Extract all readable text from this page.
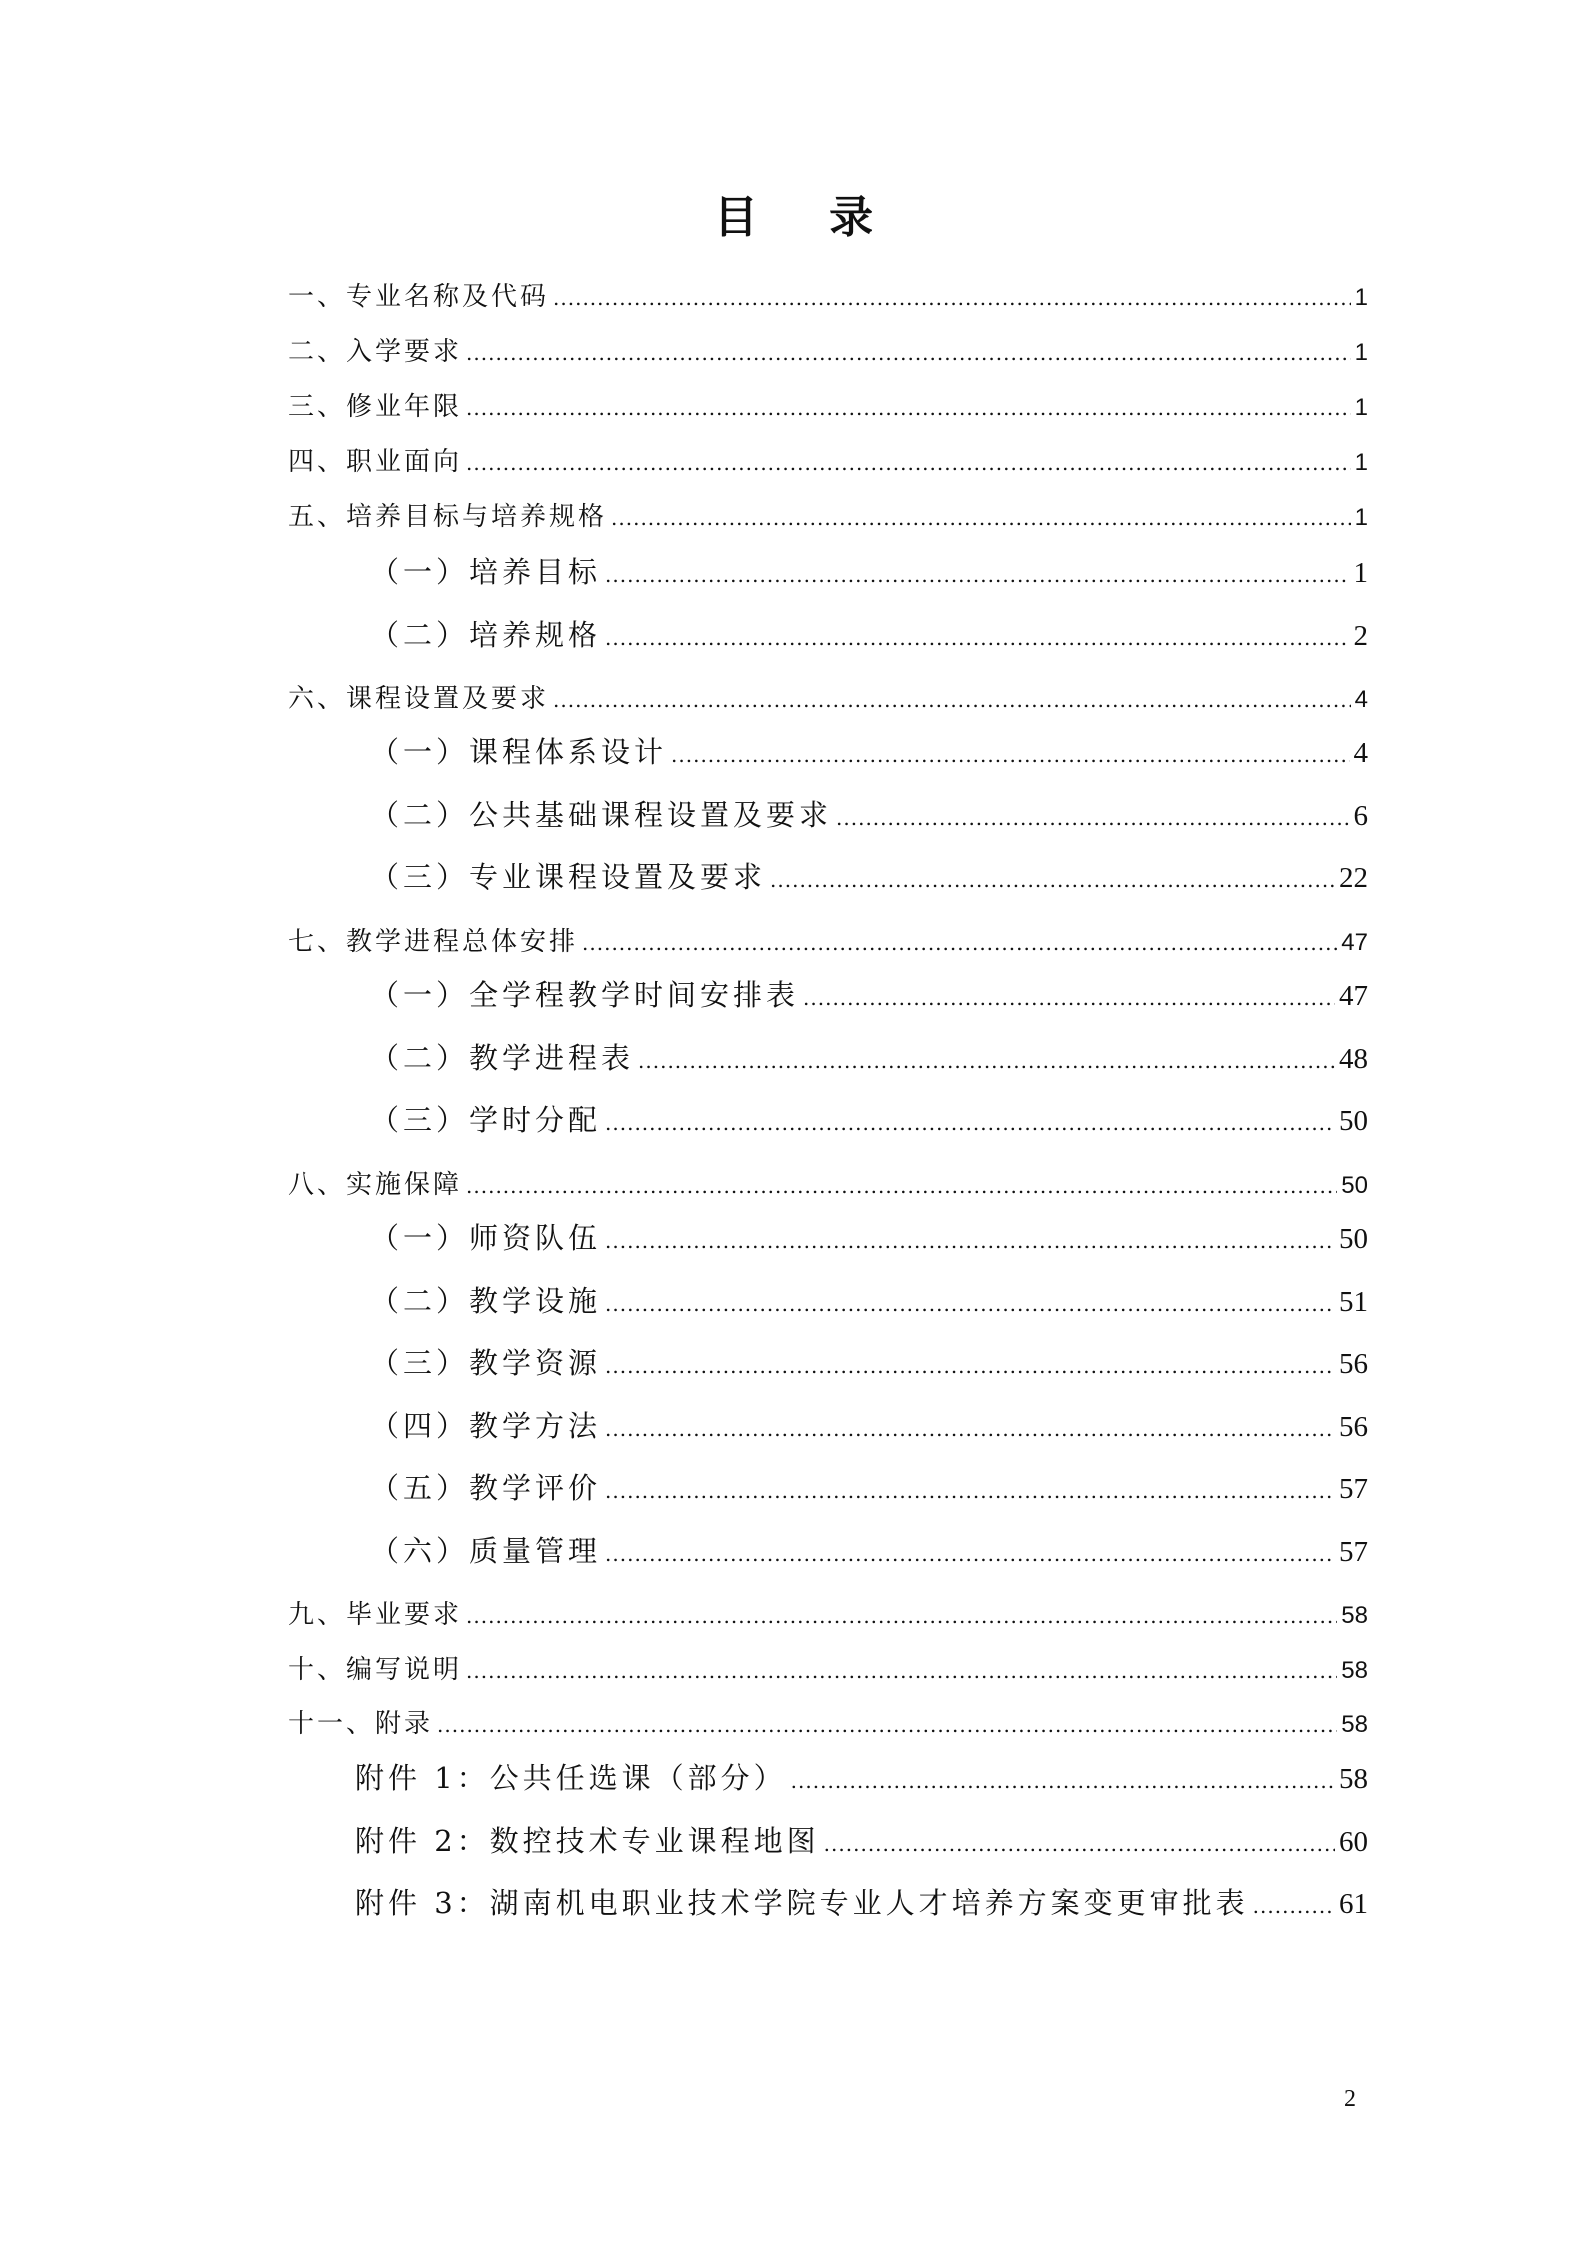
目 录
一、专业名称及代码 .....	1
二、入学要求 .....	1
三、修业年限 .....	1
四、职业面向 .....	1
五、培养目标与培养规格 .....	1
（一）培养目标 .....	1
（二）培养规格 .....	2
六、课程设置及要求 .....	4
（一）课程体系设计 .....	4
（二）公共基础课程设置及要求 .....	6
（三）专业课程设置及要求 .....	22
七、教学进程总体安排 .....	47
（一）全学程教学时间安排表 .....	47
（二）教学进程表 .....	48
（三）学时分配 .....	50
八、实施保障 .....	50
（一）师资队伍 .....	50
（二）教学设施 .....	51
（三）教学资源 .....	56
（四）教学方法 .....	56
（五）教学评价 .....	57
（六）质量管理 .....	57
九、毕业要求 .....	58
十、编写说明 .....	58
十一、附录 .....	58
附件 1：公共任选课（部分） .....	58
附件 2：数控技术专业课程地图 .....	60
附件 3：湖南机电职业技术学院专业人才培养方案变更审批表 .....	61
2
